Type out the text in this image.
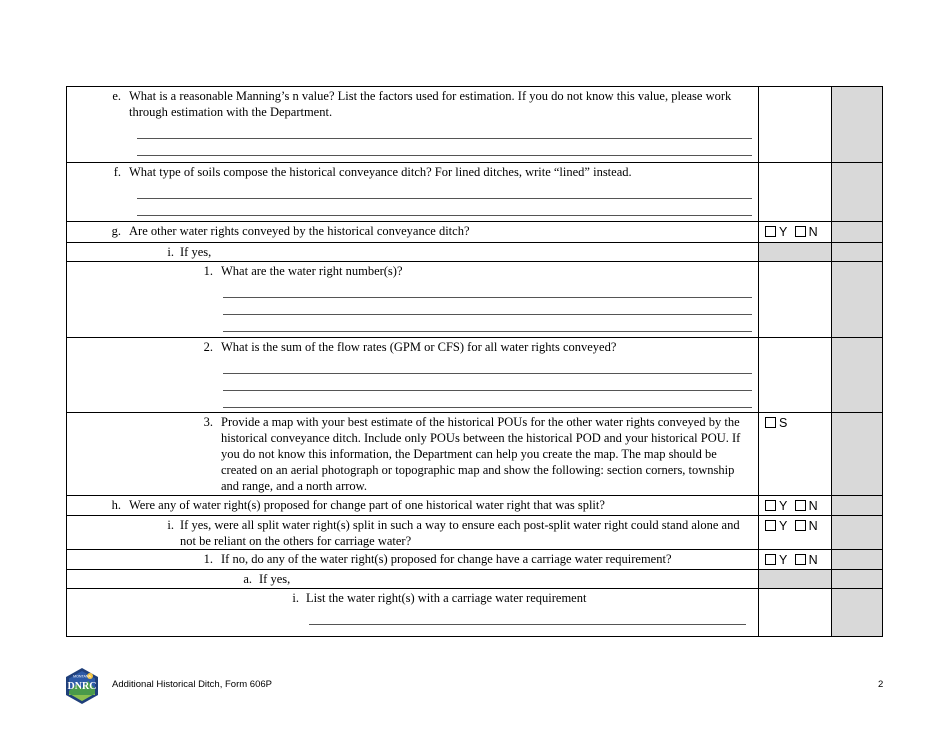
e. What is a reasonable Manning’s n value? List the factors used for estimation. If you do not know this value, please work through estimation with the Department.		

f. What type of soils compose the historical conveyance ditch? For lined ditches, write “lined” instead.		

g. Are other water rights conveyed by the historical conveyance ditch?	Y N	

i. If yes,		

1. What are the water right number(s)?		

2. What is the sum of the flow rates (GPM or CFS) for all water rights conveyed?		

3. Provide a map with your best estimate of the historical POUs for the other water rights conveyed by the historical conveyance ditch. Include only POUs between the historical POD and your historical POU. If you do not know this information, the Department can help you create the map. The map should be created on an aerial photograph or topographic map and show the following: section corners, township and range, and a north arrow.	S	

h. Were any of water right(s) proposed for change part of one historical water right that was split?	Y N	

i. If yes, were all split water right(s) split in such a way to ensure each post-split water right could stand alone and not be reliant on the others for carriage water?	Y N	

1. If no, do any of the water right(s) proposed for change have a carriage water requirement?	Y N	

a. If yes,		

i. List the water right(s) with a carriage water requirement		

MONTANA
DNRC Additional Historical Ditch, Form 606P	2
